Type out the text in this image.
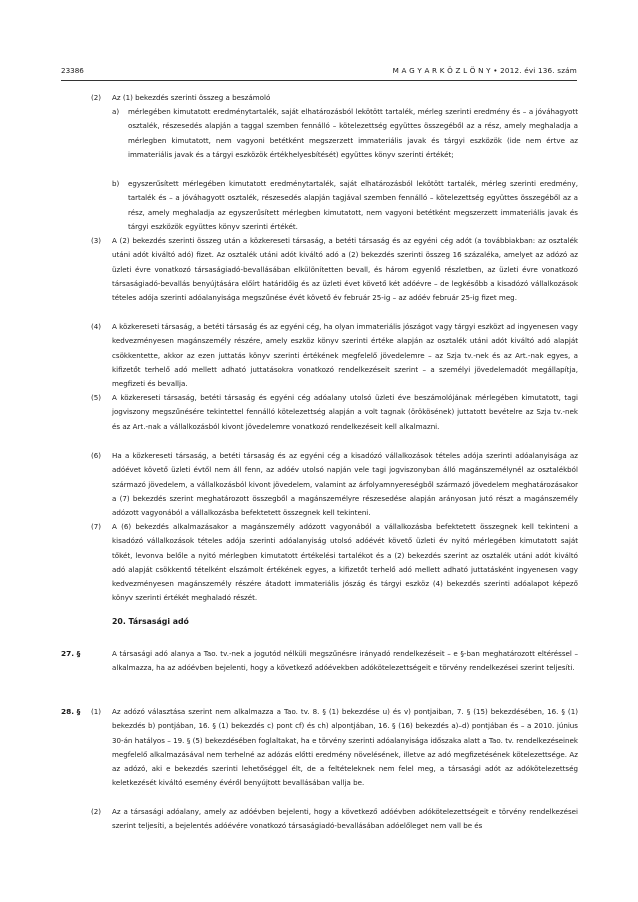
23386	M A G Y A R K Ö Z L Ö N Y • 2012. évi 136. szám
(2) Az (1) bekezdés szerinti összeg a beszámoló
a) mérlegében kimutatott eredménytartalék, saját elhatározásból lekötött tartalék, mérleg szerinti eredmény és – a jóváhagyott osztalék, részesedés alapján a taggal szemben fennálló – kötelezettség együttes összegéből az a rész, amely meghaladja a mérlegben kimutatott, nem vagyoni betétként megszerzett immateriális javak és tárgyi eszközök (ide nem értve az immateriális javak és a tárgyi eszközök értékhelyesbítését) együttes könyv szerinti értékét;
b) egyszerűsített mérlegében kimutatott eredménytartalék, saját elhatározásból lekötött tartalék, mérleg szerinti eredmény, tartalék és – a jóváhagyott osztalék, részesedés alapján tagjával szemben fennálló – kötelezettség együttes összegéből az a rész, amely meghaladja az egyszerűsített mérlegben kimutatott, nem vagyoni betétként megszerzett immateriális javak és tárgyi eszközök együttes könyv szerinti értékét.
(3) A (2) bekezdés szerinti összeg után a közkereseti társaság, a betéti társaság és az egyéni cég adót (a továbbiakban: az osztalék utáni adót kiváltó adó) fizet. Az osztalék utáni adót kiváltó adó a (2) bekezdés szerinti összeg 16 százaléka, amelyet az adózó az üzleti évre vonatkozó társaságiadó-bevallásában elkülönítetten bevall, és három egyenlő részletben, az üzleti évre vonatkozó társaságiadó-bevallás benyújtására előírt határidőig és az üzleti évet követő két adóévre – de legkésőbb a kisadózó vállalkozások tételes adója szerinti adóalanyisága megszűnése évét követő év február 25-ig – az adóév február 25-ig fizet meg.
(4) A közkereseti társaság, a betéti társaság és az egyéni cég, ha olyan immateriális jószágot vagy tárgyi eszközt ad ingyenesen vagy kedvezményesen magánszemély részére, amely eszköz könyv szerinti értéke alapján az osztalék utáni adót kiváltó adó alapját csökkentette, akkor az ezen juttatás könyv szerinti értékének megfelelő jövedelemre – az Szja tv.-nek és az Art.-nak egyes, a kifizetőt terhelő adó mellett adható juttatásokra vonatkozó rendelkezéseit szerint – a személyi jövedelemadót megállapítja, megfizeti és bevallja.
(5) A közkereseti társaság, betéti társaság és egyéni cég adóalany utolsó üzleti éve beszámolójának mérlegében kimutatott, tagi jogviszony megszűnésére tekintettel fennálló kötelezettség alapján a volt tagnak (örökösének) juttatott bevételre az Szja tv.-nek és az Art.-nak a vállalkozásból kivont jövedelemre vonatkozó rendelkezéseit kell alkalmazni.
(6) Ha a közkereseti társaság, a betéti társaság és az egyéni cég a kisadózó vállalkozások tételes adója szerinti adóalanyisága az adóévet követő üzleti évtől nem áll fenn, az adóév utolsó napján vele tagi jogviszonyban álló magánszemélynél az osztalékból származó jövedelem, a vállalkozásból kivont jövedelem, valamint az árfolyamnyereségből származó jövedelem meghatározásakor a (7) bekezdés szerint meghatározott összegből a magánszemélyre részesedése alapján arányosan jutó részt a magánszemély adózott vagyonából a vállalkozásba befektetett összegnek kell tekinteni.
(7) A (6) bekezdés alkalmazásakor a magánszemély adózott vagyonából a vállalkozásba befektetett összegnek kell tekinteni a kisadózó vállalkozások tételes adója szerinti adóalanyiság utolsó adóévét követő üzleti év nyitó mérlegében kimutatott saját tőkét, levonva belőle a nyitó mérlegben kimutatott értékelési tartalékot és a (2) bekezdés szerint az osztalék utáni adót kiváltó adó alapját csökkentő tételként elszámolt értékének egyes, a kifizetőt terhelő adó mellett adható juttatásként ingyenesen vagy kedvezményesen magánszemély részére átadott immateriális jószág és tárgyi eszköz (4) bekezdés szerinti adóalapot képező könyv szerinti értékét meghaladó részét.
20. Társasági adó
27. §	A társasági adó alanya a Tao. tv.-nek a jogutód nélküli megszűnésre irányadó rendelkezéseit – e §-ban meghatározott eltéréssel – alkalmazza, ha az adóévben bejelenti, hogy a következő adóévekben adókötelezettségeit e törvény rendelkezései szerint teljesíti.
28. § (1) Az adózó választása szerint nem alkalmazza a Tao. tv. 8. § (1) bekezdése u) és v) pontjaiban, 7. § (15) bekezdésében, 16. § (1) bekezdés b) pontjában, 16. § (1) bekezdés c) pont cf) és ch) alpontjában, 16. § (16) bekezdés a)–d) pontjában és – a 2010. június 30-án hatályos – 19. § (5) bekezdésében foglaltakat, ha e törvény szerinti adóalanyisága időszaka alatt a Tao. tv. rendelkezéseinek megfelelő alkalmazásával nem terhelné az adózás előtti eredmény növelésének, illetve az adó megfizetésének kötelezettsége. Az az adózó, aki e bekezdés szerinti lehetőséggel élt, de a feltételeknek nem felel meg, a társasági adót az adókötelezettség keletkezését kiváltó esemény évéről benyújtott bevallásában vallja be.
(2) Az a társasági adóalany, amely az adóévben bejelenti, hogy a következő adóévben adókötelezettségeit e törvény rendelkezései szerint teljesíti, a bejelentés adóévére vonatkozó társaságiadó-bevallásában adóelőleget nem vall be és
